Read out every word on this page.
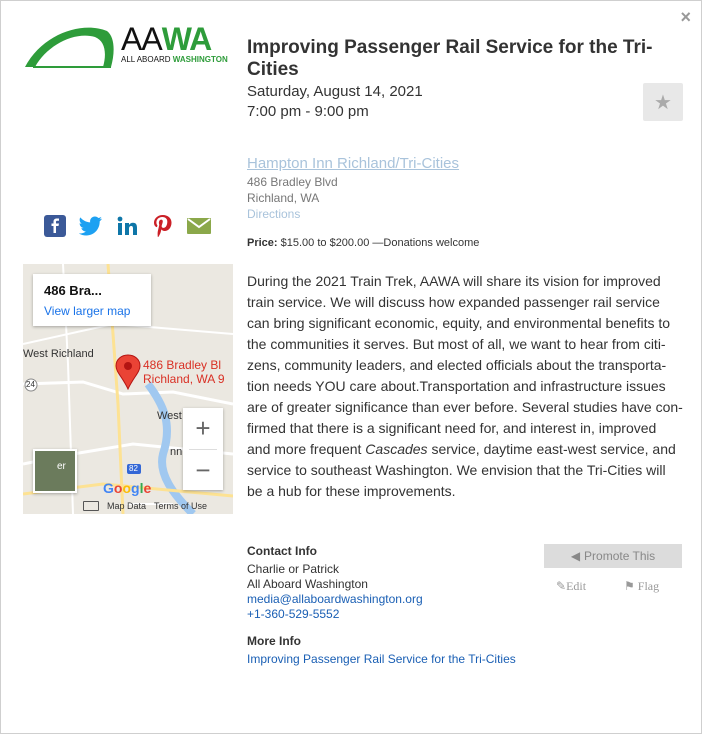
×
AAWA
ALL ABOARD WASHINGTON
Improving Passenger Rail Service for the Tri-Cities
Saturday, August 14, 2021
7:00 pm - 9:00 pm	★
Hampton Inn Richland/Tri-Cities
486 Bradley Blvd
Richland, WA
Directions
Price: $15.00 to $200.00 —Donations welcome
486 Bra...
View larger map
West Richland
24
82
486 Bradley Bl
Richland, WA 9
West
nn
+
−
er
Google
Map Data Terms of Use
During the 2021 Train Trek, AAWA will share its vision for improved train service. We will discuss how expanded passenger rail service can bring significant economic, equity, and environmental benefits to the communities it serves. But most of all, we want to hear from citi-zens, community leaders, and elected officials about the transporta-tion needs YOU care about.Transportation and infrastructure issues are of greater significance than ever before. Several studies have con-firmed that there is a significant need for, and interest in, improved and more frequent Cascades service, daytime east-west service, and service to southeast Washington. We envision that the Tri-Cities will be a hub for these improvements.
Contact Info
Charlie or Patrick
All Aboard Washington
media@allaboardwashington.org
+1-360-529-5552
More Info
Improving Passenger Rail Service for the Tri-Cities
◀ Promote This
✎Edit	⚑ Flag
